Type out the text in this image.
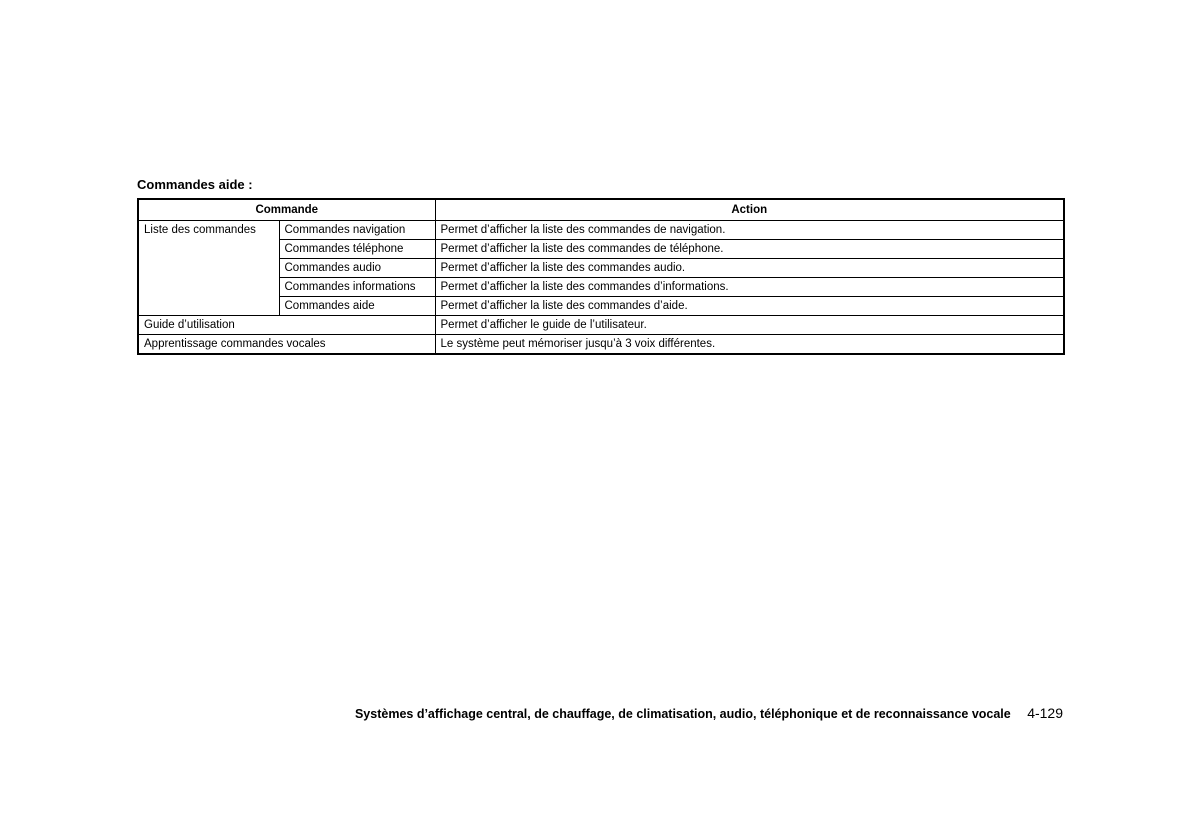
Commandes aide :
Commande		Action
Liste des commandes	Commandes navigation	Permet d’afficher la liste des commandes de navigation.
	Commandes téléphone	Permet d’afficher la liste des commandes de téléphone.
	Commandes audio	Permet d’afficher la liste des commandes audio.
	Commandes informations	Permet d’afficher la liste des commandes d’informations.
	Commandes aide	Permet d’afficher la liste des commandes d’aide.
Guide d’utilisation		Permet d’afficher le guide de l’utilisateur.
Apprentissage commandes vocales		Le système peut mémoriser jusqu’à 3 voix différentes.
Systèmes d’affichage central, de chauffage, de climatisation, audio, téléphonique et de reconnaissance vocale 4-129
